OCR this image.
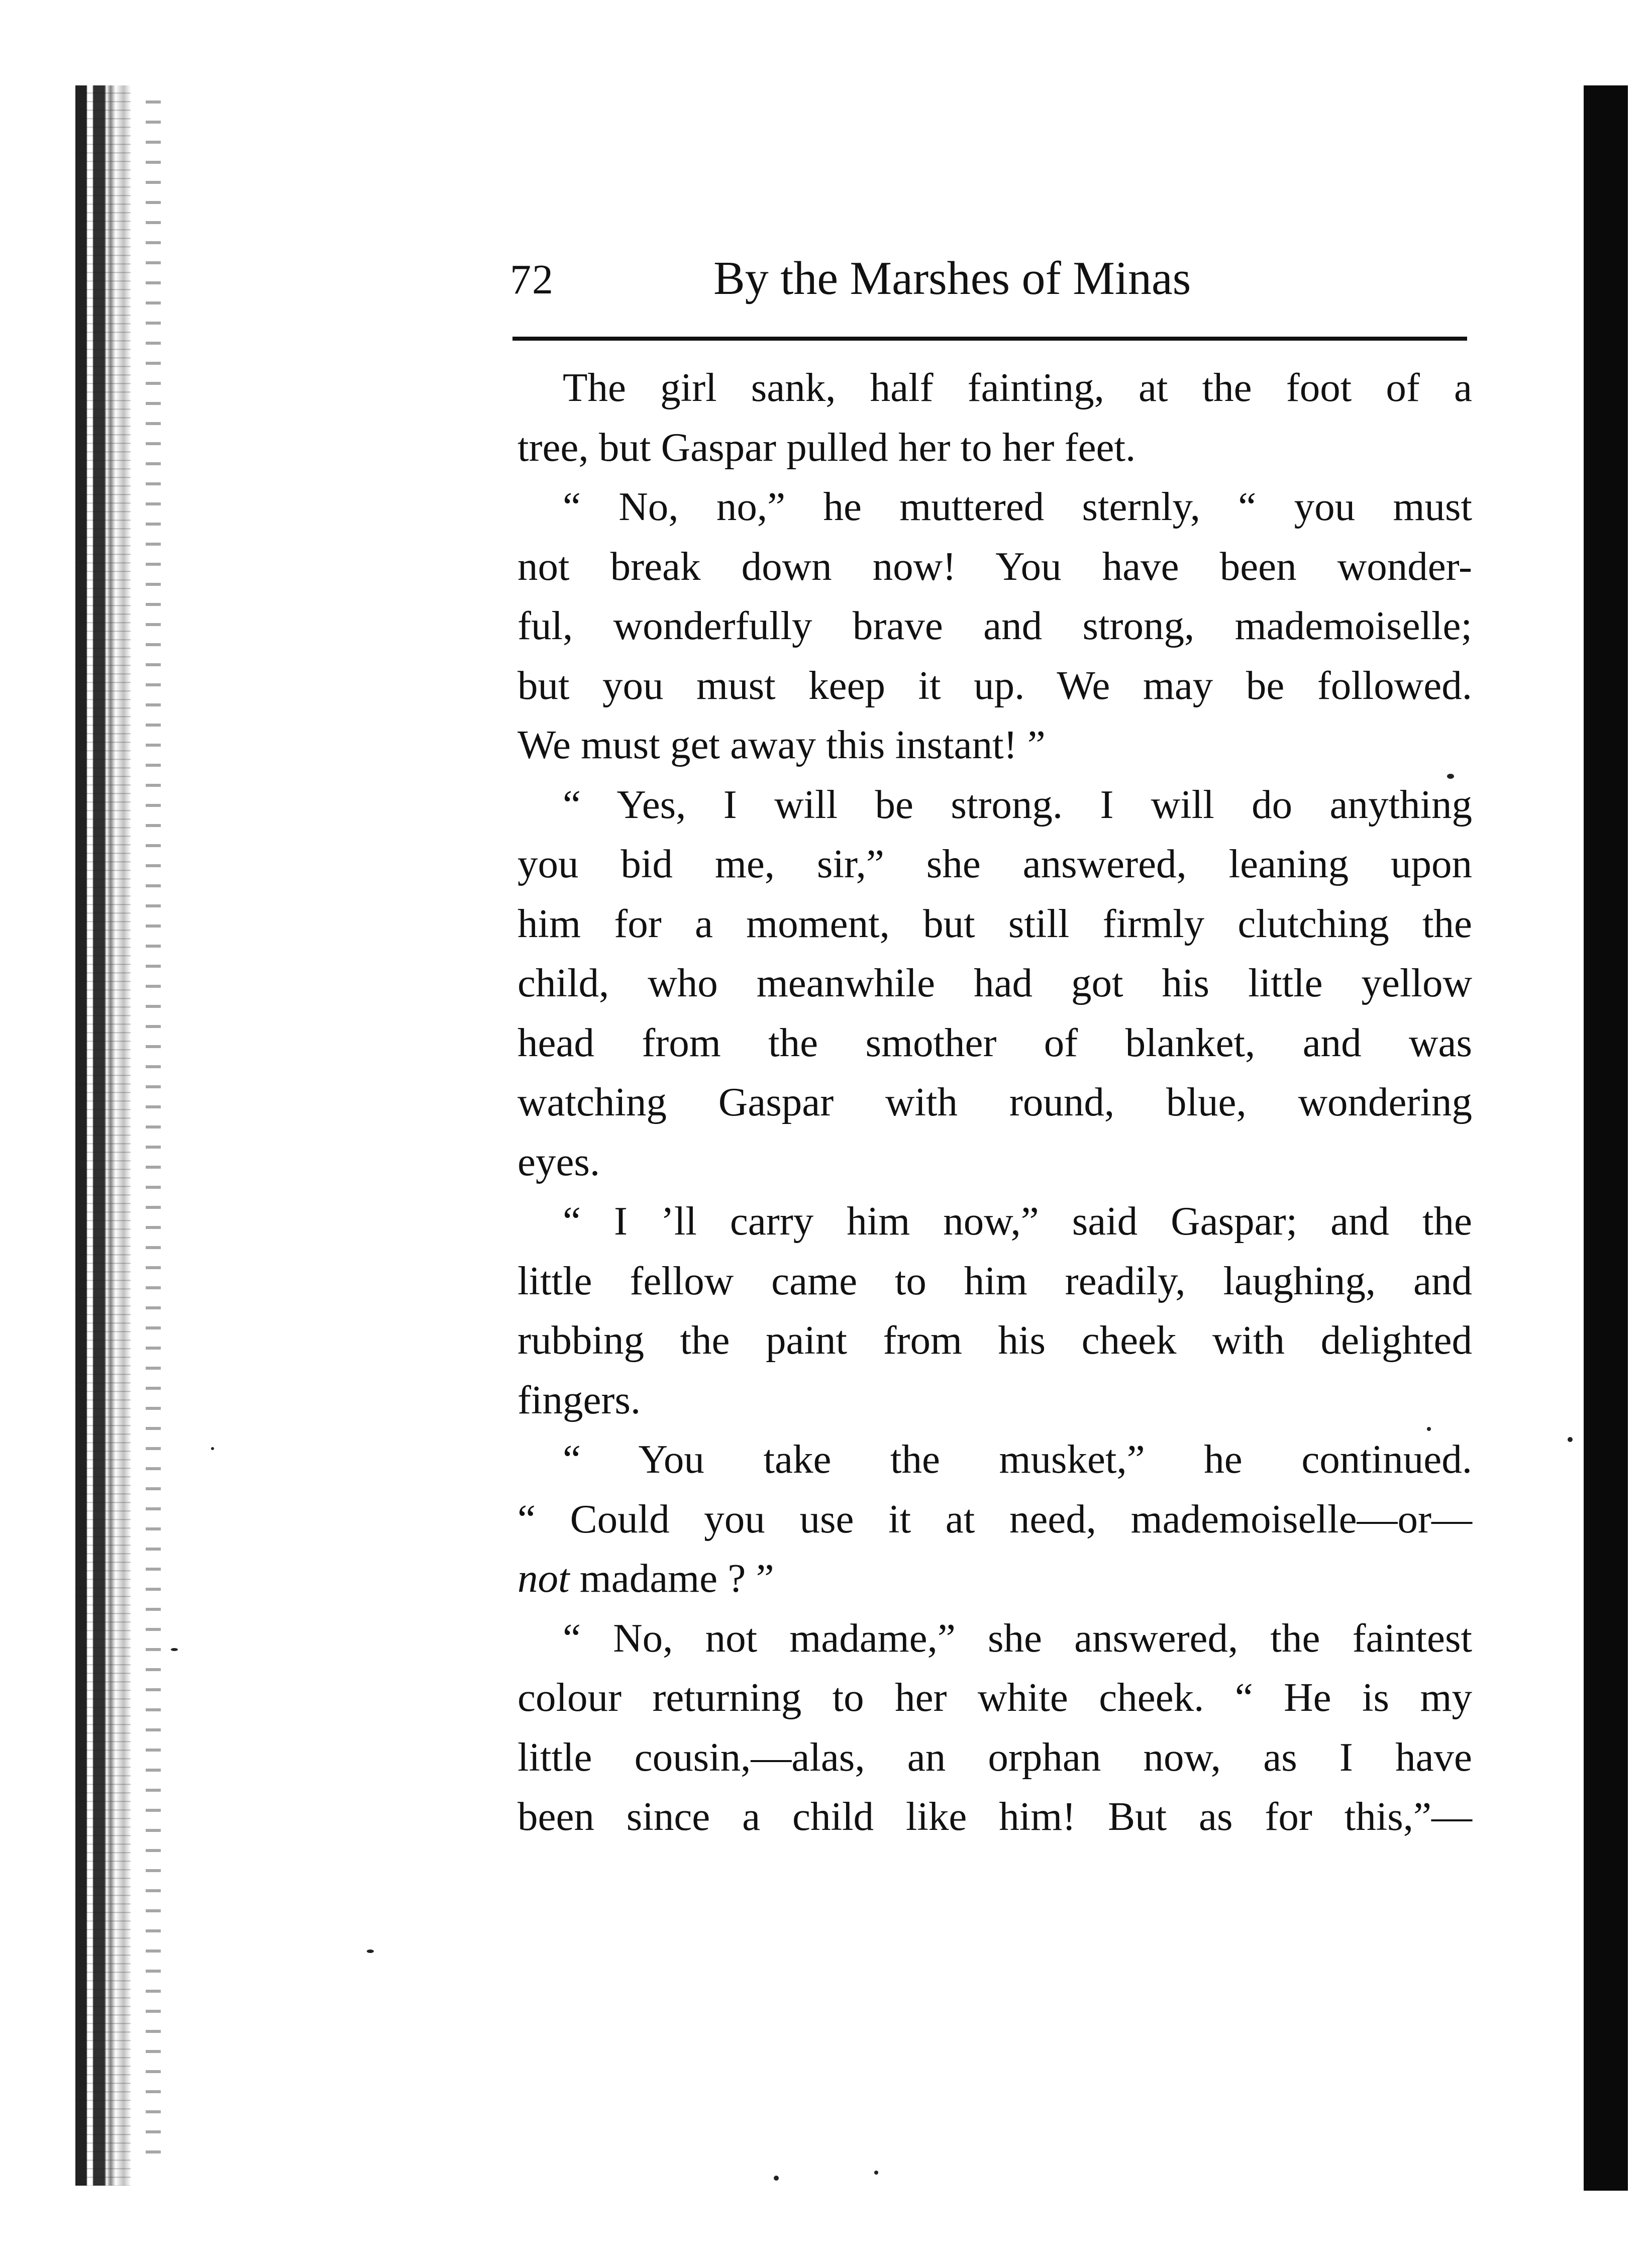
72	By the Marshes of Minas
The girl sank, half fainting, at the foot of a
tree, but Gaspar pulled her to her feet.
“ No, no,” he muttered sternly, “ you must
not break down now! You have been wonder-
ful, wonderfully brave and strong, mademoiselle;
but you must keep it up. We may be followed.
We must get away this instant! ”
“ Yes, I will be strong. I will do anything
you bid me, sir,” she answered, leaning upon
him for a moment, but still firmly clutching the
child, who meanwhile had got his little yellow
head from the smother of blanket, and was
watching Gaspar with round, blue, wondering
eyes.
“ I ’ll carry him now,” said Gaspar; and the
little fellow came to him readily, laughing, and
rubbing the paint from his cheek with delighted
fingers.
“ You take the musket,” he continued.
“ Could you use it at need, mademoiselle—or—
not madame ? ”
“ No, not madame,” she answered, the faintest
colour returning to her white cheek. “ He is my
little cousin,—alas, an orphan now, as I have
been since a child like him! But as for this,”—
